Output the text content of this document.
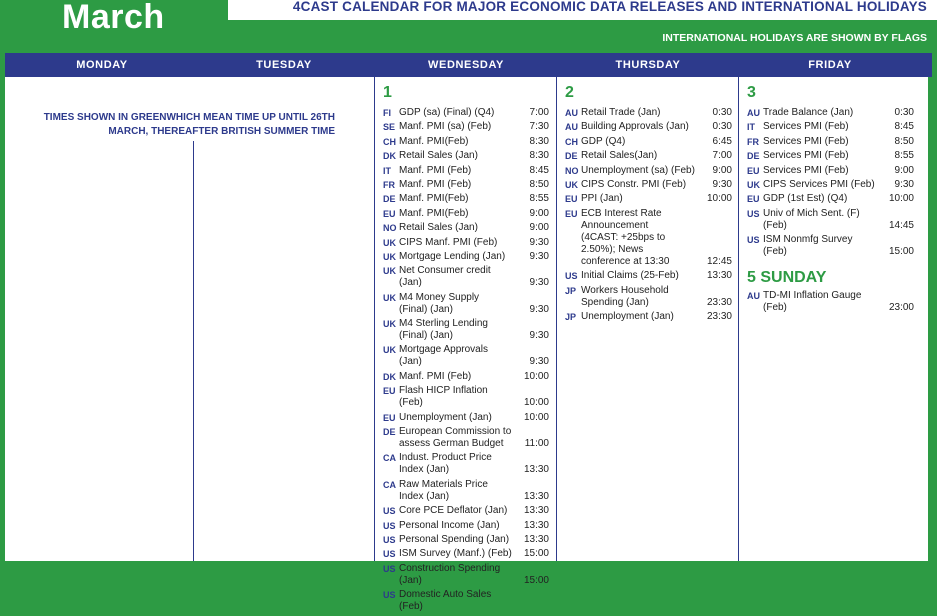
March	4CAST CALENDAR FOR MAJOR ECONOMIC DATA RELEASES AND INTERNATIONAL HOLIDAYS
INTERNATIONAL HOLIDAYS ARE SHOWN BY FLAGS
MONDAY	TUESDAY	WEDNESDAY	THURSDAY	FRIDAY
TIMES SHOWN IN GREENWHICH MEAN TIME UP UNTIL 26TH MARCH, THEREAFTER BRITISH SUMMER TIME
1
FI GDP (sa) (Final) (Q4)	7:00
SE Manf. PMI (sa) (Feb)	7:30
CH Manf. PMI(Feb)	8:30
DK Retail Sales (Jan)	8:30
IT Manf. PMI (Feb)	8:45
FR Manf. PMI (Feb)	8:50
DE Manf. PMI(Feb)	8:55
EU Manf. PMI(Feb)	9:00
NO Retail Sales (Jan)	9:00
UK CIPS Manf. PMI (Feb)	9:30
UK Mortgage Lending (Jan)	9:30
UK Net Consumer credit (Jan)	9:30
UK M4 Money Supply
(Final) (Jan)	9:30
UK M4 Sterling Lending
(Final) (Jan)	9:30
UK Mortgage Approvals (Jan)	9:30
DK Manf. PMI (Feb)	10:00
EU Flash HICP Inflation (Feb)	10:00
EU Unemployment (Jan)	10:00
DE European Commission to
assess German Budget	11:00
CA Indust. Product Price
Index (Jan)	13:30
CA Raw Materials Price
Index (Jan)	13:30
US Core PCE Deflator (Jan)	13:30
US Personal Income (Jan)	13:30
US Personal Spending (Jan)	13:30
US ISM Survey (Manf.) (Feb)	15:00
US Construction Spending (Jan)	15:00
US Domestic Auto Sales (Feb)
2
AU Retail Trade (Jan)	0:30
AU Building Approvals (Jan)	0:30
CH GDP (Q4)	6:45
DE Retail Sales(Jan)	7:00
NO Unemployment (sa) (Feb)	9:00
UK CIPS Constr. PMI (Feb)	9:30
EU PPI (Jan)	10:00
EU ECB Interest Rate
Announcement
(4CAST: +25bps to
2.50%); News
conference at 13:30	12:45
US Initial Claims (25-Feb)	13:30
JP Workers Household
Spending (Jan)	23:30
JP Unemployment (Jan)	23:30
3
AU Trade Balance (Jan)	0:30
IT Services PMI (Feb)	8:45
FR Services PMI (Feb)	8:50
DE Services PMI (Feb)	8:55
EU Services PMI (Feb)	9:00
UK CIPS Services PMI (Feb)	9:30
EU GDP (1st Est) (Q4)	10:00
US Univ of Mich Sent. (F) (Feb)	14:45
US ISM Nonmfg Survey (Feb)	15:00
5 SUNDAY
AU TD-MI Inflation Gauge (Feb)	23:00
